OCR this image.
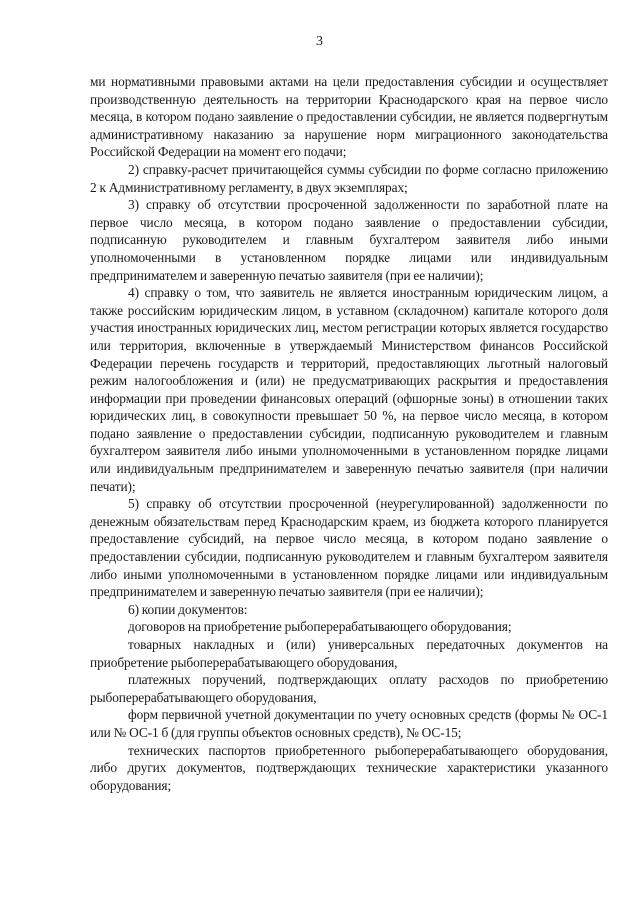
3

ми нормативными правовыми актами на цели предоставления субсидии и осуществляет производственную деятельность на территории Краснодарского края на первое число месяца, в котором подано заявление о предоставлении субсидии, не является подвергнутым административному наказанию за нарушение норм миграционного законодательства Российской Федерации на момент его подачи;

2) справку-расчет причитающейся суммы субсидии по форме согласно приложению 2 к Административному регламенту, в двух экземплярах;

3) справку об отсутствии просроченной задолженности по заработной плате на первое число месяца, в котором подано заявление о предоставлении субсидии, подписанную руководителем и главным бухгалтером заявителя либо иными уполномоченными в установленном порядке лицами или индивидуальным предпринимателем и заверенную печатью заявителя (при ее наличии);

4) справку о том, что заявитель не является иностранным юридическим лицом, а также российским юридическим лицом, в уставном (складочном) капитале которого доля участия иностранных юридических лиц, местом регистрации которых является государство или территория, включенные в утверждаемый Министерством финансов Российской Федерации перечень государств и территорий, предоставляющих льготный налоговый режим налогообложения и (или) не предусматривающих раскрытия и предоставления информации при проведении финансовых операций (офшорные зоны) в отношении таких юридических лиц, в совокупности превышает 50 %, на первое число месяца, в котором подано заявление о предоставлении субсидии, подписанную руководителем и главным бухгалтером заявителя либо иными уполномоченными в установленном порядке лицами или индивидуальным предпринимателем и заверенную печатью заявителя (при наличии печати);

5) справку об отсутствии просроченной (неурегулированной) задолженности по денежным обязательствам перед Краснодарским краем, из бюджета которого планируется предоставление субсидий, на первое число месяца, в котором подано заявление о предоставлении субсидии, подписанную руководителем и главным бухгалтером заявителя либо иными уполномоченными в установленном порядке лицами или индивидуальным предпринимателем и заверенную печатью заявителя (при ее наличии);

6) копии документов:

договоров на приобретение рыбоперерабатывающего оборудования;

товарных накладных и (или) универсальных передаточных документов на приобретение рыбоперерабатывающего оборудования,

платежных поручений, подтверждающих оплату расходов по приобретению рыбоперерабатывающего оборудования,

форм первичной учетной документации по учету основных средств (формы № ОС-1 или № ОС-1 б (для группы объектов основных средств), № ОС-15;

технических паспортов приобретенного рыбоперерабатывающего оборудования, либо других документов, подтверждающих технические характеристики указанного оборудования;
